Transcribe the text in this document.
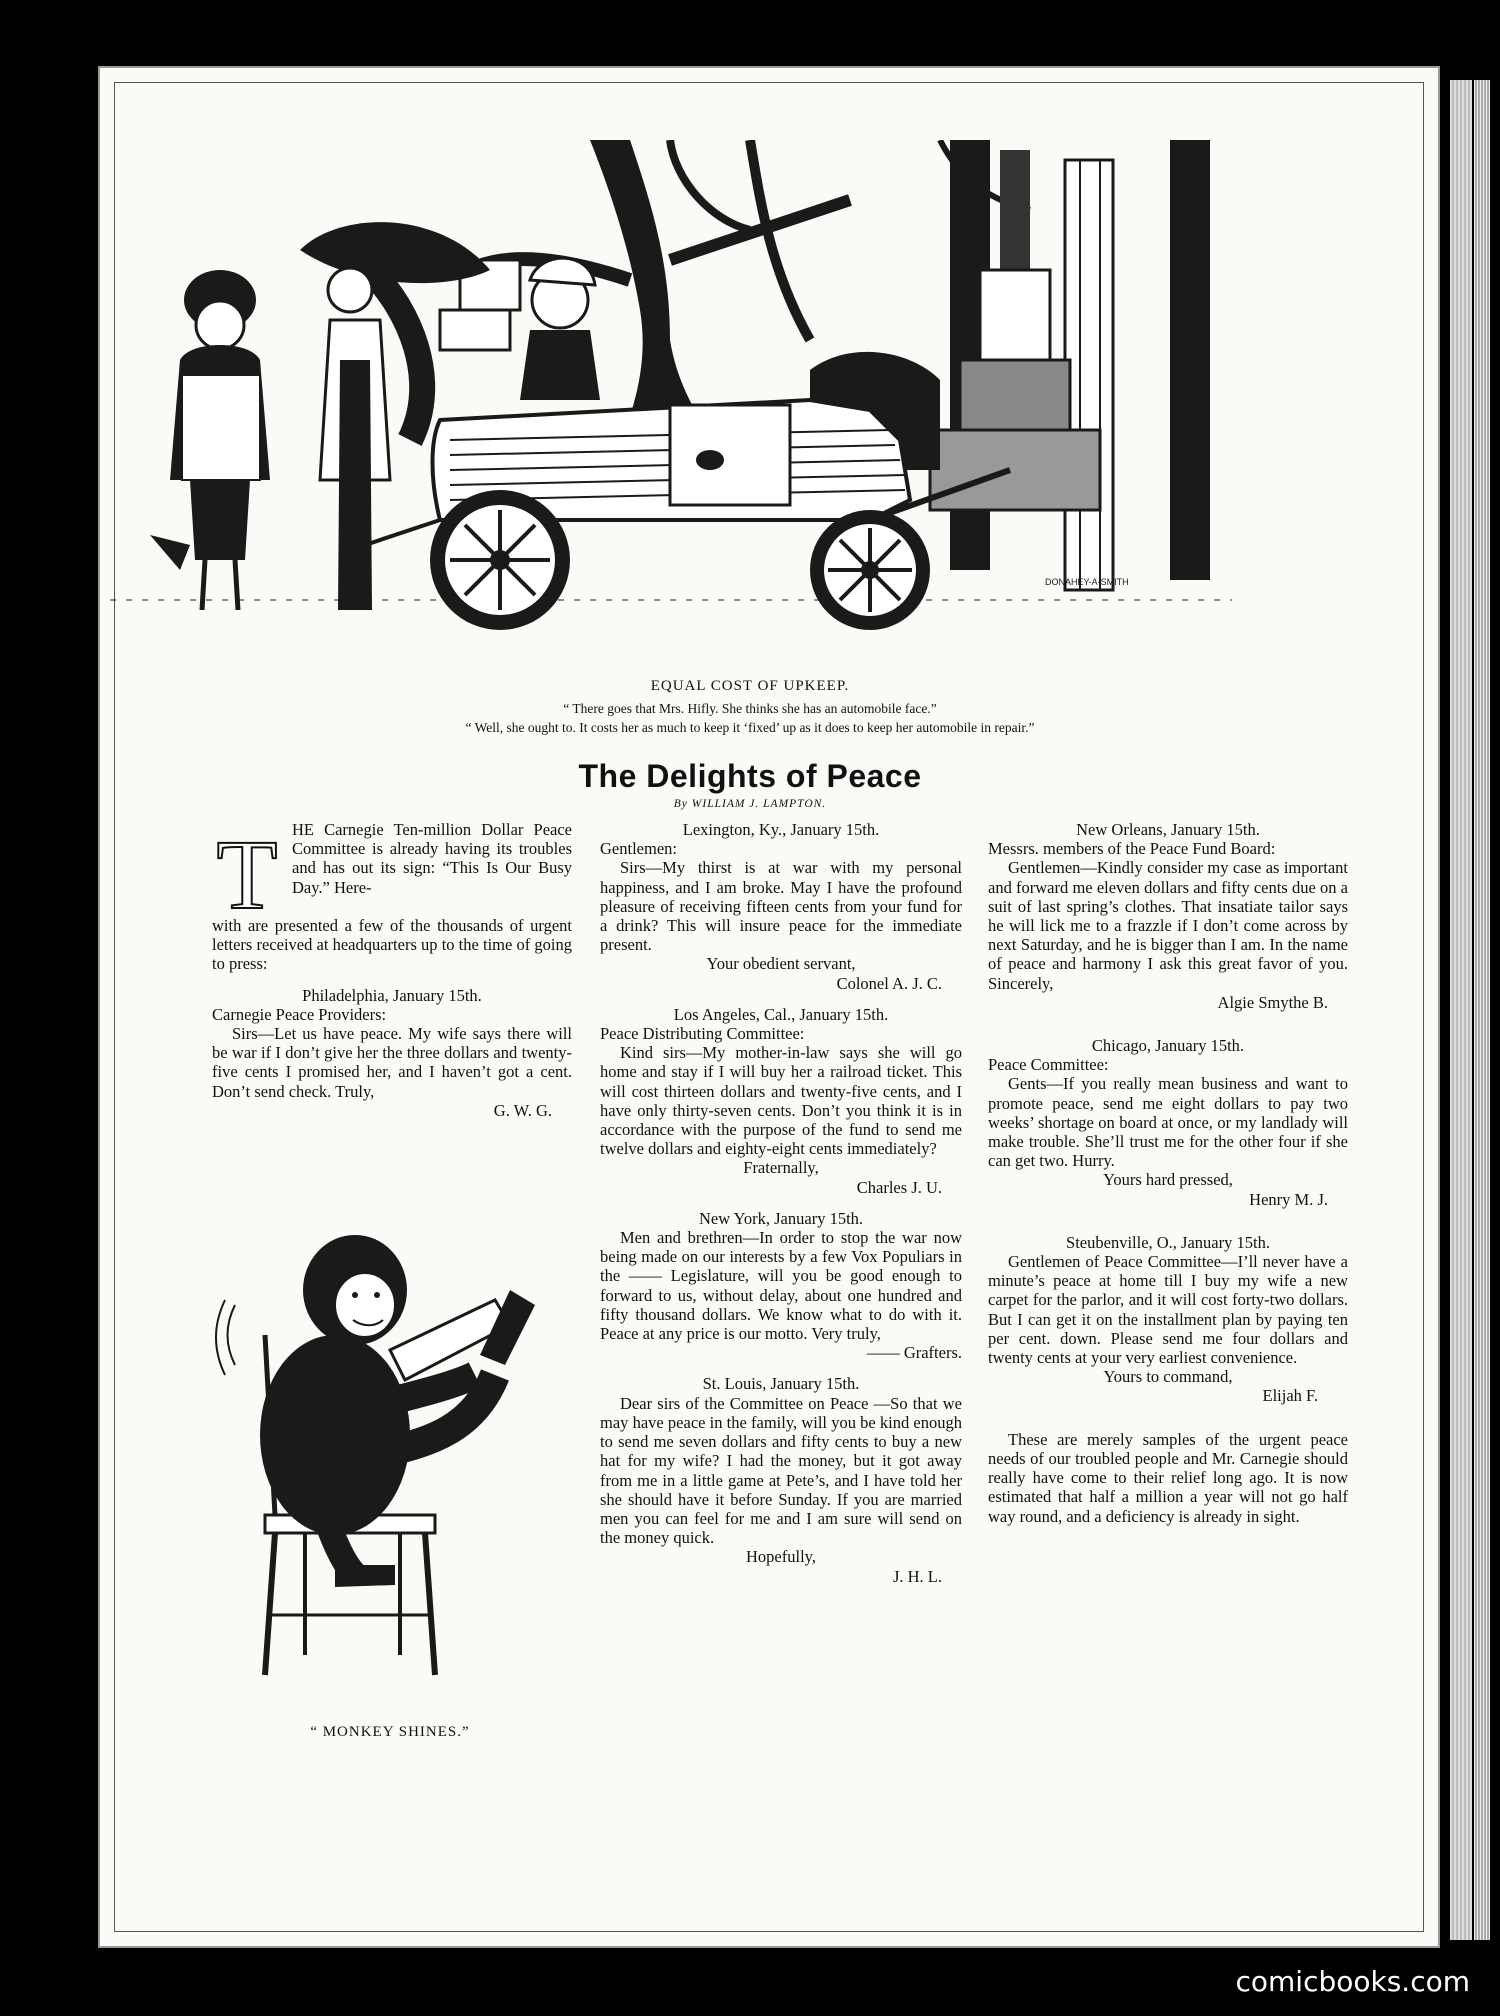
DONAHEY-A-SMITH
EQUAL COST OF UPKEEP.
“ There goes that Mrs. Hifly. She thinks she has an automobile face.”
“ Well, she ought to. It costs her as much to keep it ‘fixed’ up as it does to keep her automobile in repair.”
The Delights of Peace
By WILLIAM J. LAMPTON.
T HE Carnegie Ten-million Dollar Peace Committee is already having its troubles and has out its sign: “This Is Our Busy Day.” Here-

with are presented a few of the thousands of urgent letters received at headquarters up to the time of going to press:

Philadelphia, January 15th.

Carnegie Peace Providers:

Sirs—Let us have peace. My wife says there will be war if I don’t give her the three dollars and twenty-five cents I promised her, and I haven’t got a cent. Don’t send check. Truly,

G. W. G.

“ MONKEY SHINES.”

Lexington, Ky., January 15th.

Gentlemen:

Sirs—My thirst is at war with my personal happiness, and I am broke. May I have the profound pleasure of receiving fifteen cents from your fund for a drink? This will insure peace for the immediate present.

Your obedient servant,

Colonel A. J. C.

Los Angeles, Cal., January 15th.

Peace Distributing Committee:

Kind sirs—My mother-in-law says she will go home and stay if I will buy her a railroad ticket. This will cost thirteen dollars and twenty-five cents, and I have only thirty-seven cents. Don’t you think it is in accordance with the purpose of the fund to send me twelve dollars and eighty-eight cents immediately?

Fraternally,

Charles J. U.

New York, January 15th.

Men and brethren—In order to stop the war now being made on our interests by a few Vox Populiars in the —— Legislature, will you be good enough to forward to us, without delay, about one hundred and fifty thousand dollars. We know what to do with it. Peace at any price is our motto. Very truly,

—— Grafters.

St. Louis, January 15th.

Dear sirs of the Committee on Peace —So that we may have peace in the family, will you be kind enough to send me seven dollars and fifty cents to buy a new hat for my wife? I had the money, but it got away from me in a little game at Pete’s, and I have told her she should have it before Sunday. If you are married men you can feel for me and I am sure will send on the money quick.

Hopefully,

J. H. L.

New Orleans, January 15th.

Messrs. members of the Peace Fund Board:

Gentlemen—Kindly consider my case as important and forward me eleven dollars and fifty cents due on a suit of last spring’s clothes. That insatiate tailor says he will lick me to a frazzle if I don’t come across by next Saturday, and he is bigger than I am. In the name of peace and harmony I ask this great favor of you. Sincerely,

Algie Smythe B.

Chicago, January 15th.

Peace Committee:

Gents—If you really mean business and want to promote peace, send me eight dollars to pay two weeks’ shortage on board at once, or my landlady will make trouble. She’ll trust me for the other four if she can get two. Hurry.

Yours hard pressed,

Henry M. J.

Steubenville, O., January 15th.

Gentlemen of Peace Committee—I’ll never have a minute’s peace at home till I buy my wife a new carpet for the parlor, and it will cost forty-two dollars. But I can get it on the installment plan by paying ten per cent. down. Please send me four dollars and twenty cents at your very earliest convenience.

Yours to command,

Elijah F.

These are merely samples of the urgent peace needs of our troubled people and Mr. Carnegie should really have come to their relief long ago. It is now estimated that half a million a year will not go half way round, and a deficiency is already in sight.

comicbooks.com
